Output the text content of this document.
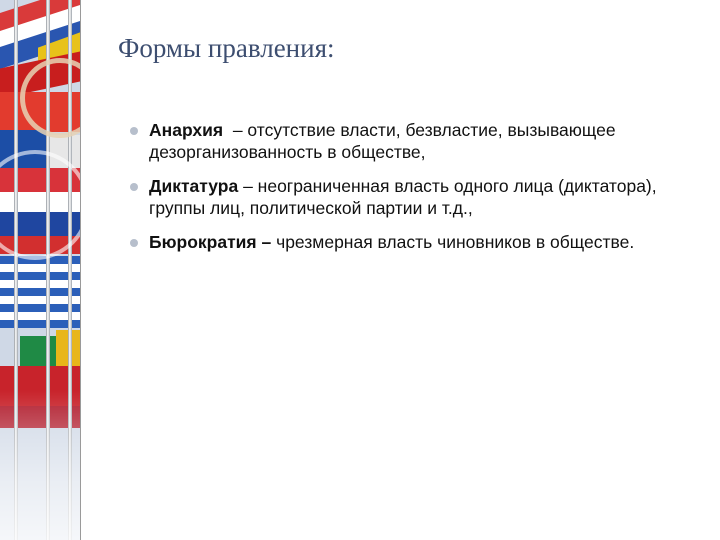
Формы правления:
Анархия  – отсутствие власти, безвластие, вызывающее дезорганизованность в обществе,
Диктатура – неограниченная власть одного лица (диктатора), группы лиц, политической партии и т.д.,
Бюрократия – чрезмерная власть чиновников в обществе.
